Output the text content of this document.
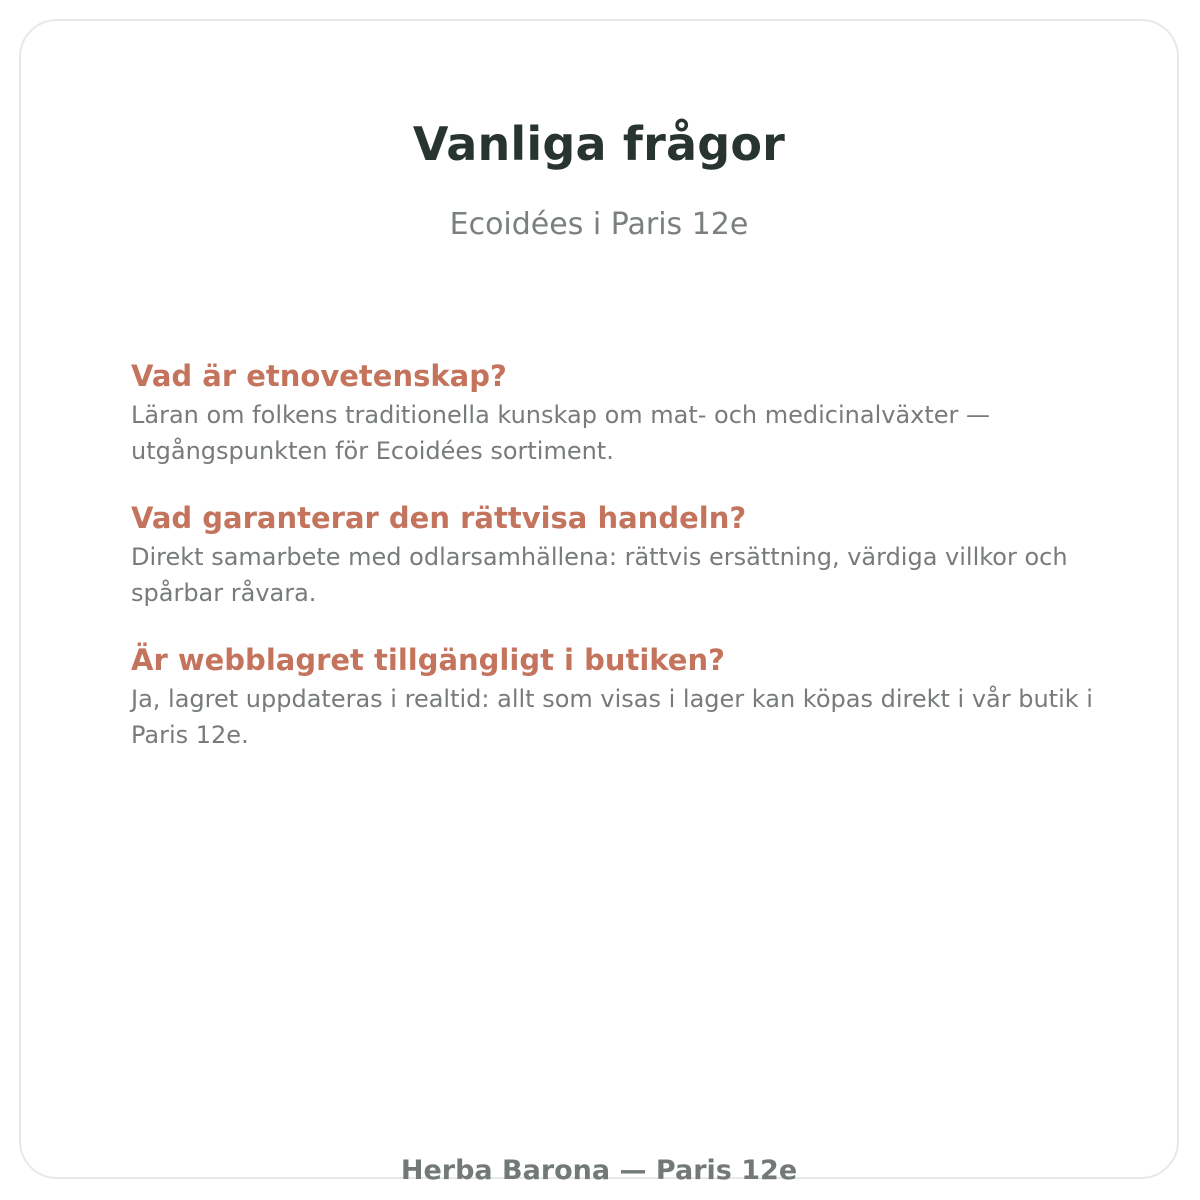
Vanliga frågor
Ecoidées i Paris 12e
Vad är etnovetenskap?
Läran om folkens traditionella kunskap om mat- och medicinalväxter — utgångspunkten för Ecoidées sortiment.
Vad garanterar den rättvisa handeln?
Direkt samarbete med odlarsamhällena: rättvis ersättning, värdiga villkor och spårbar råvara.
Är webblagret tillgängligt i butiken?
Ja, lagret uppdateras i realtid: allt som visas i lager kan köpas direkt i vår butik i Paris 12e.
Herba Barona — Paris 12e
